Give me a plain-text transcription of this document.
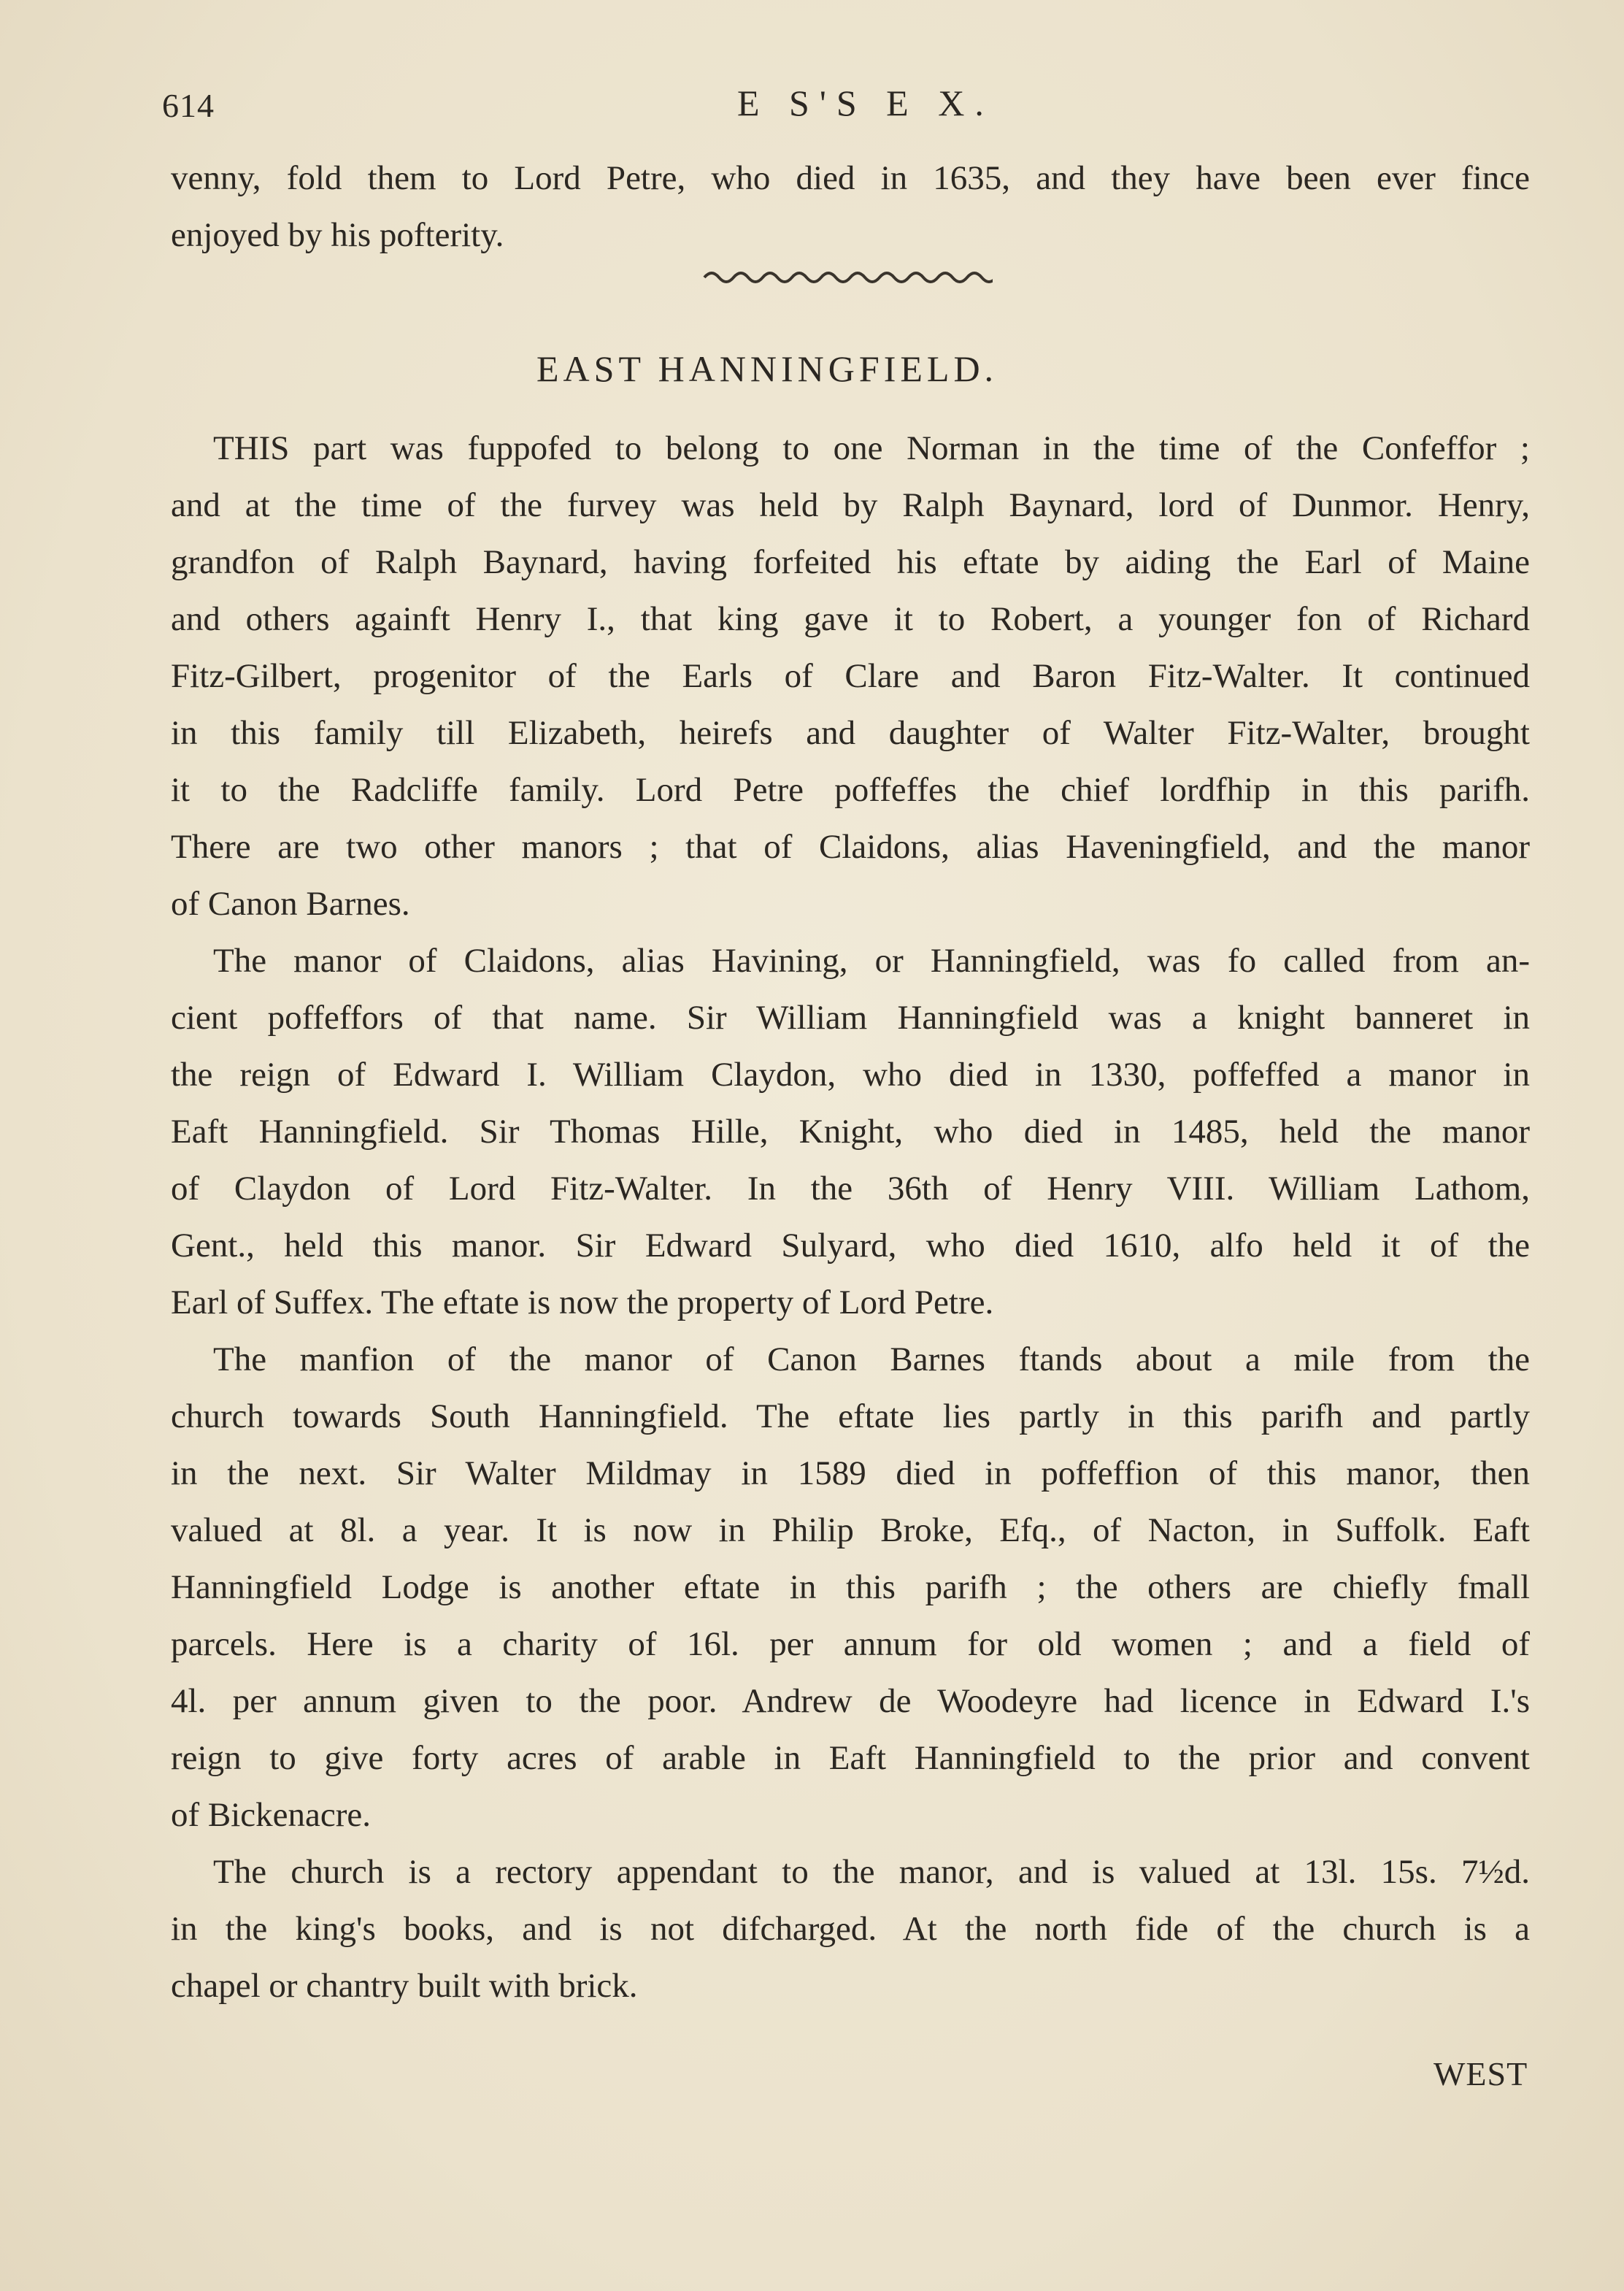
614	E S'S E X.
venny, fold them to Lord Petre, who died in 1635, and they have been ever fince
enjoyed by his pofterity.
EAST HANNINGFIELD.
THIS part was fuppofed to belong to one Norman in the time of the Confeffor ;
and at the time of the furvey was held by Ralph Baynard, lord of Dunmor. Henry,
grandfon of Ralph Baynard, having forfeited his eftate by aiding the Earl of Maine
and others againft Henry I., that king gave it to Robert, a younger fon of Richard
Fitz-Gilbert, progenitor of the Earls of Clare and Baron Fitz-Walter. It continued
in this family till Elizabeth, heirefs and daughter of Walter Fitz-Walter, brought
it to the Radcliffe family. Lord Petre poffeffes the chief lordfhip in this parifh.
There are two other manors ; that of Claidons, alias Haveningfield, and the manor
of Canon Barnes.
The manor of Claidons, alias Havining, or Hanningfield, was fo called from an-
cient poffeffors of that name. Sir William Hanningfield was a knight banneret in
the reign of Edward I. William Claydon, who died in 1330, poffeffed a manor in
Eaft Hanningfield. Sir Thomas Hille, Knight, who died in 1485, held the manor
of Claydon of Lord Fitz-Walter. In the 36th of Henry VIII. William Lathom,
Gent., held this manor. Sir Edward Sulyard, who died 1610, alfo held it of the
Earl of Suffex. The eftate is now the property of Lord Petre.
The manfion of the manor of Canon Barnes ftands about a mile from the
church towards South Hanningfield. The eftate lies partly in this parifh and partly
in the next. Sir Walter Mildmay in 1589 died in poffeffion of this manor, then
valued at 8l. a year. It is now in Philip Broke, Efq., of Nacton, in Suffolk. Eaft
Hanningfield Lodge is another eftate in this parifh ; the others are chiefly fmall
parcels. Here is a charity of 16l. per annum for old women ; and a field of
4l. per annum given to the poor. Andrew de Woodeyre had licence in Edward I.'s
reign to give forty acres of arable in Eaft Hanningfield to the prior and convent
of Bickenacre.
The church is a rectory appendant to the manor, and is valued at 13l. 15s. 7½d.
in the king's books, and is not difcharged. At the north fide of the church is a
chapel or chantry built with brick.
WEST
